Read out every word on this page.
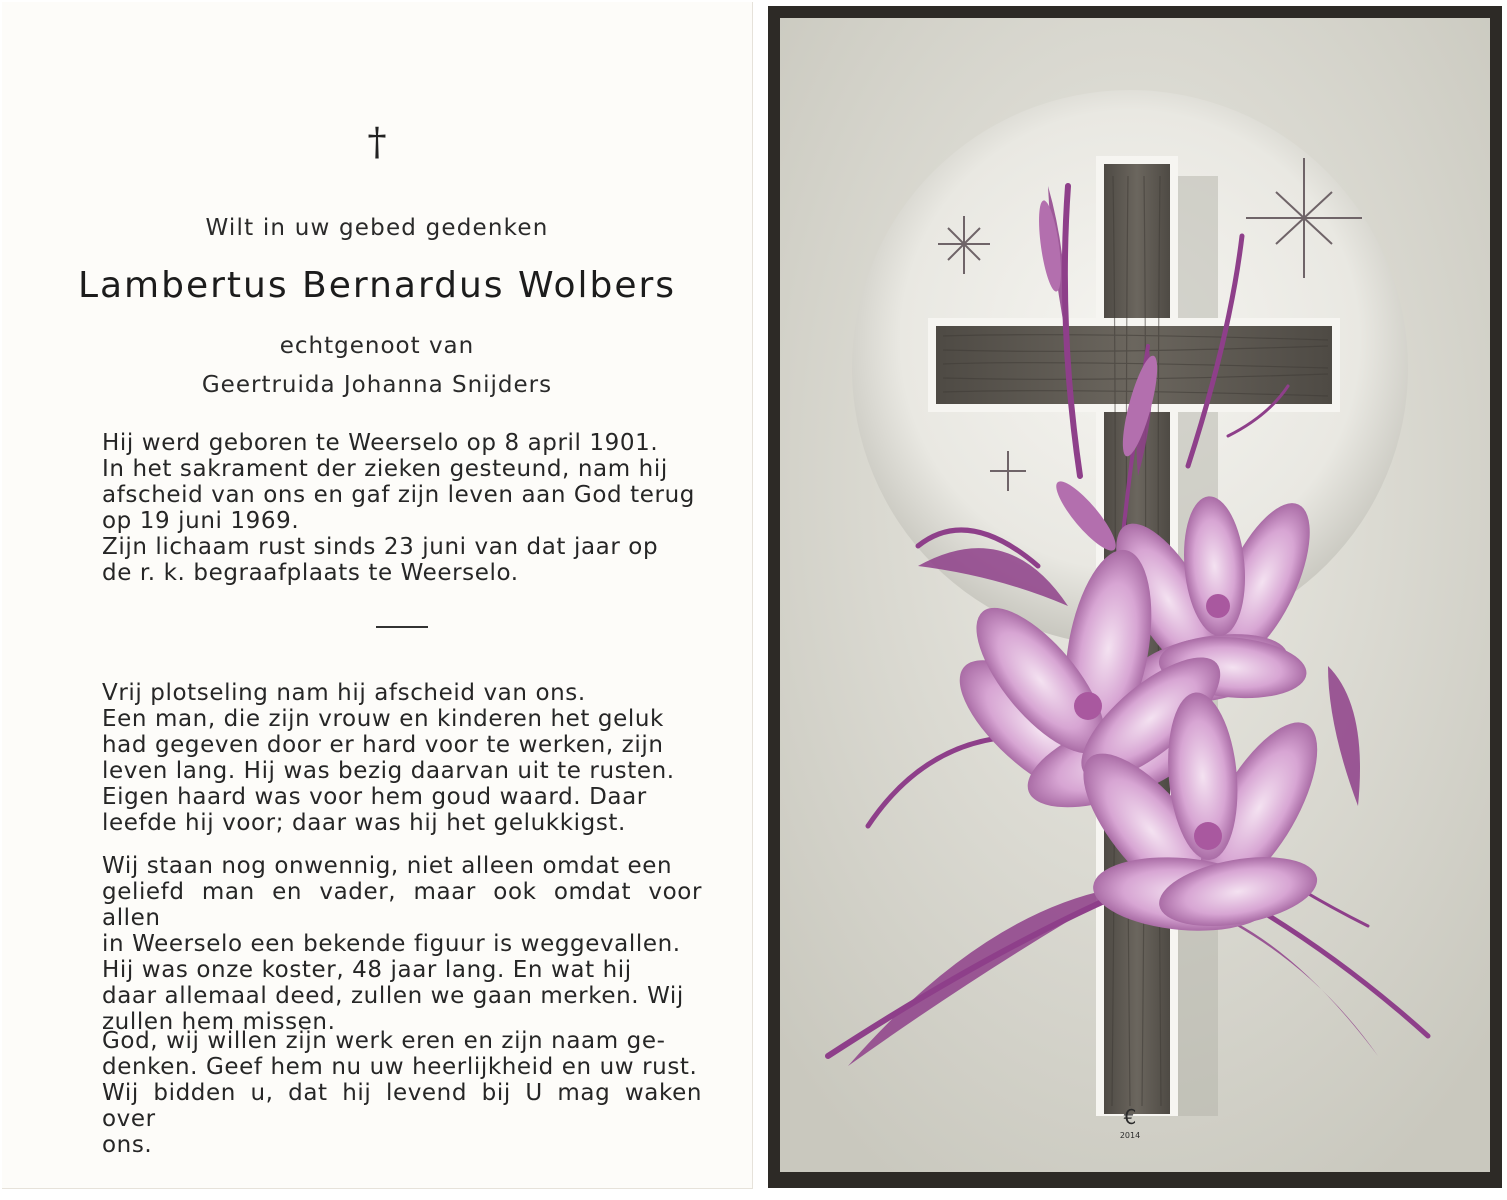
†
Wilt in uw gebed gedenken
Lambertus Bernardus Wolbers
echtgenoot van
Geertruida Johanna Snijders
Hij werd geboren te Weerselo op 8 april 1901.
In het sakrament der zieken gesteund, nam hij
afscheid van ons en gaf zijn leven aan God terug
op 19 juni 1969.
Zijn lichaam rust sinds 23 juni van dat jaar op
de r. k. begraafplaats te Weerselo.
Vrij plotseling nam hij afscheid van ons.
Een man, die zijn vrouw en kinderen het geluk
had gegeven door er hard voor te werken, zijn
leven lang. Hij was bezig daarvan uit te rusten.
Eigen haard was voor hem goud waard. Daar
leefde hij voor; daar was hij het gelukkigst.
Wij staan nog onwennig, niet alleen omdat een
geliefd man en vader, maar ook omdat voor allen
in Weerselo een bekende figuur is weggevallen.
Hij was onze koster, 48 jaar lang. En wat hij
daar allemaal deed, zullen we gaan merken. Wij
zullen hem missen.
God, wij willen zijn werk eren en zijn naam ge-
denken. Geef hem nu uw heerlijkheid en uw rust.
Wij bidden u, dat hij levend bij U mag waken over
ons.
€
2014
